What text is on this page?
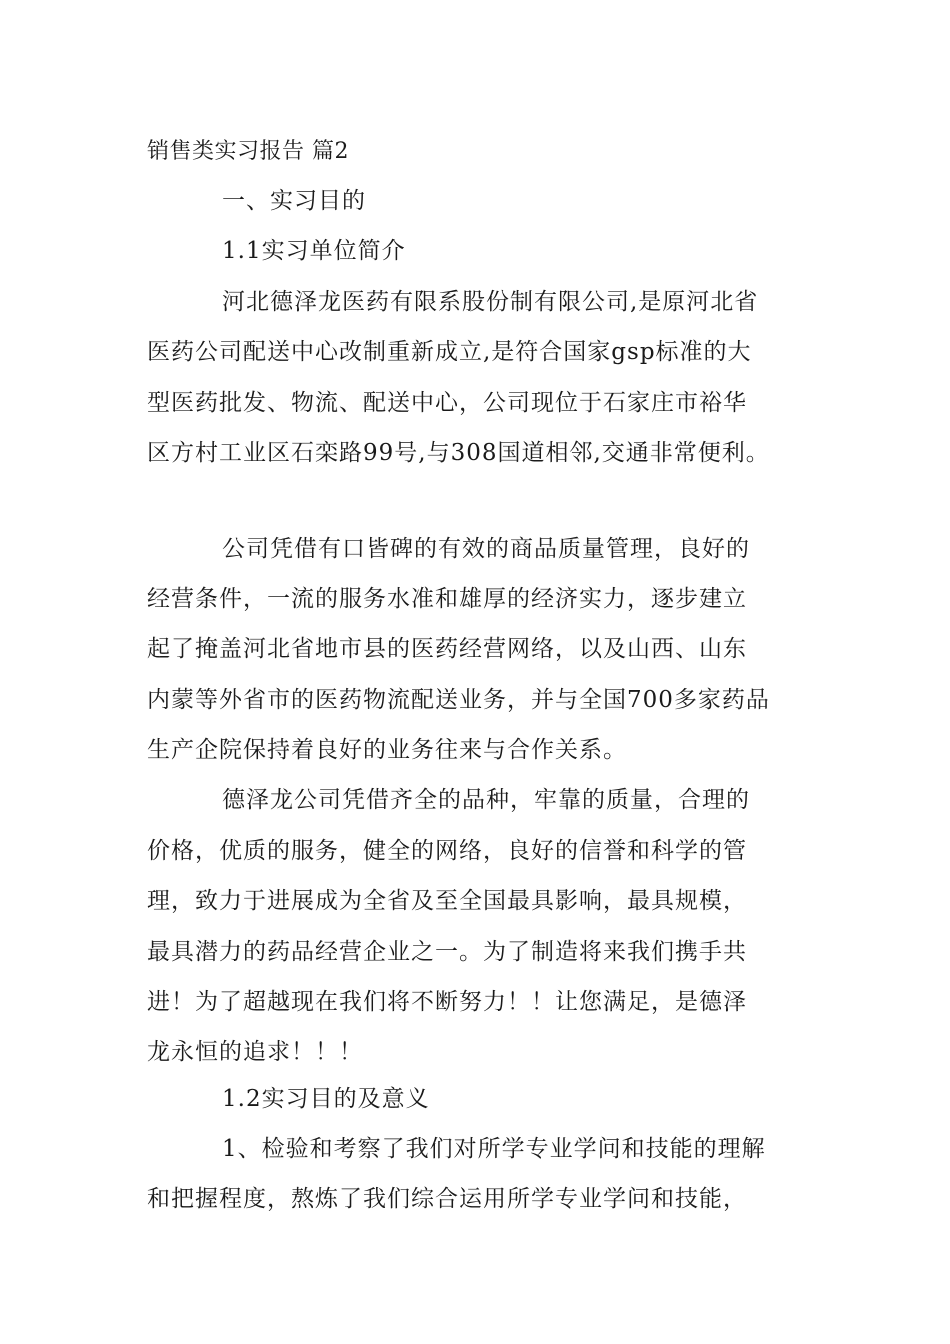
销售类实习报告 篇2
一、实习目的
1.1实习单位简介
河北德泽龙医药有限系股份制有限公司,是原河北省
医药公司配送中心改制重新成立,是符合国家gsp标准的大
型医药批发、物流、配送中心，公司现位于石家庄市裕华
区方村工业区石栾路99号,与308国道相邻,交通非常便利。
公司凭借有口皆碑的有效的商品质量管理，良好的
经营条件，一流的服务水准和雄厚的经济实力，逐步建立
起了掩盖河北省地市县的医药经营网络，以及山西、山东
内蒙等外省市的医药物流配送业务，并与全国700多家药品
生产企院保持着良好的业务往来与合作关系。
德泽龙公司凭借齐全的品种，牢靠的质量，合理的
价格，优质的服务，健全的网络，良好的信誉和科学的管
理，致力于进展成为全省及至全国最具影响，最具规模，
最具潜力的药品经营企业之一。为了制造将来我们携手共
进！为了超越现在我们将不断努力！！让您满足，是德泽
龙永恒的追求！！！
1.2实习目的及意义
1、检验和考察了我们对所学专业学问和技能的理解
和把握程度，熬炼了我们综合运用所学专业学问和技能，
